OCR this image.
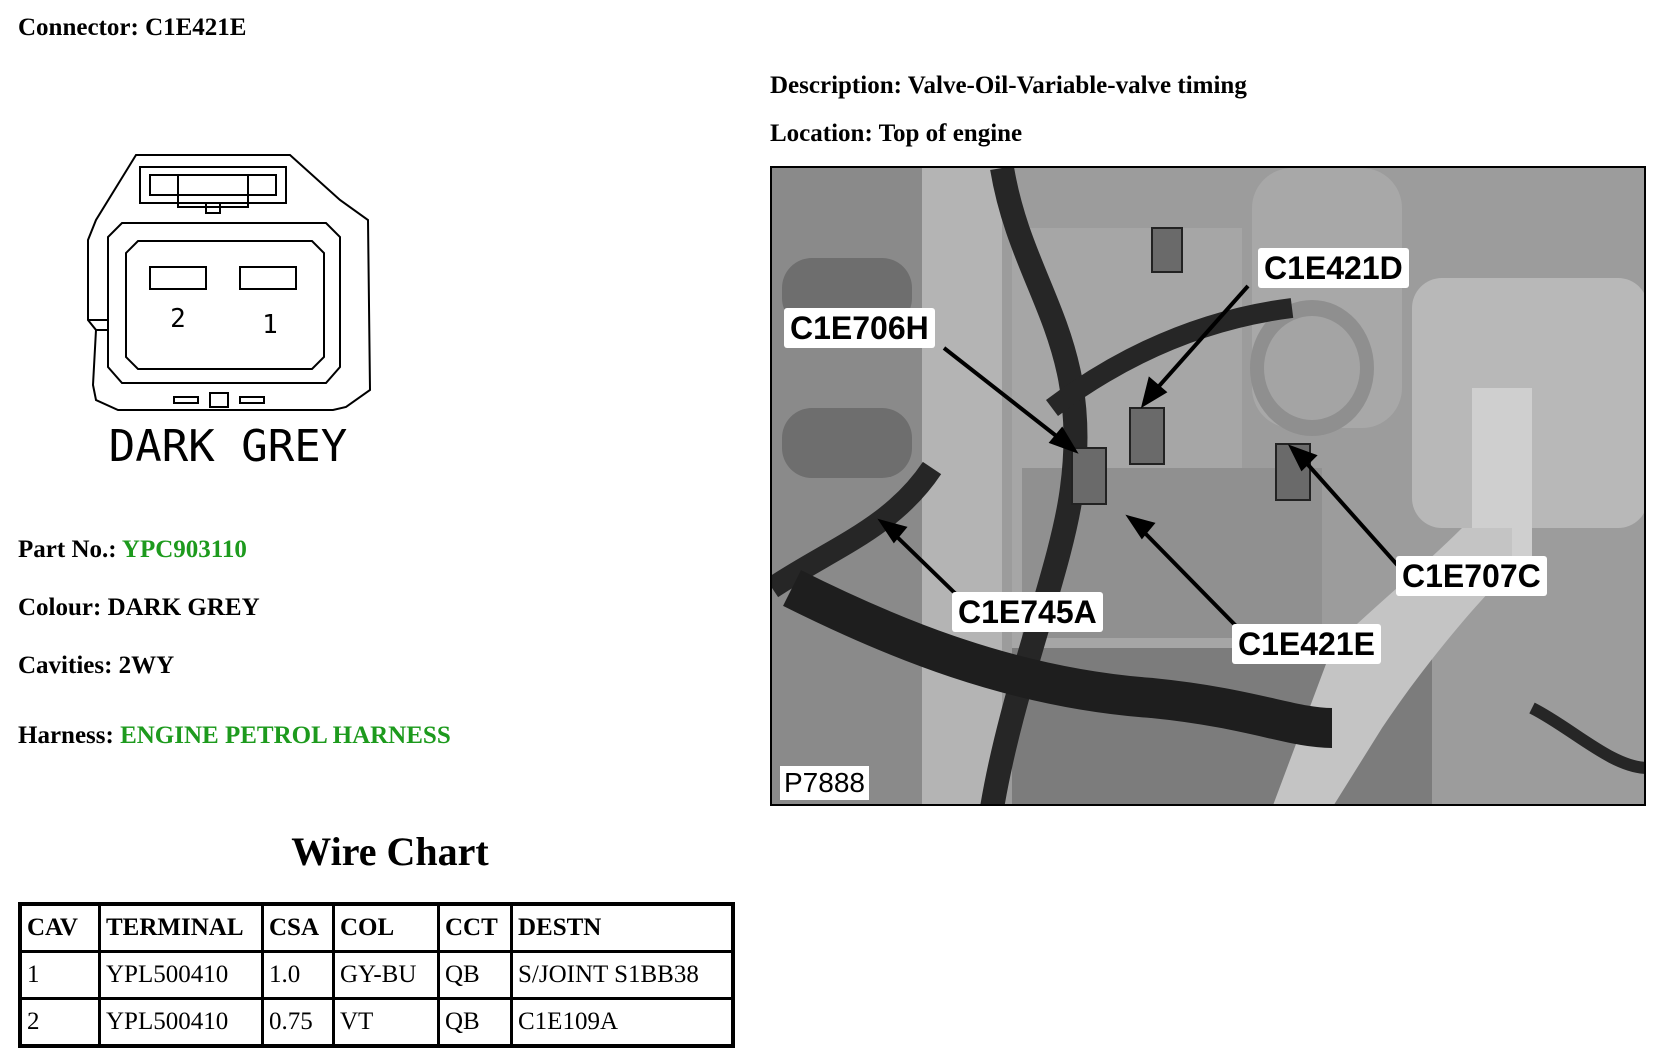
Connector: C1E421E
Description: Valve-Oil-Variable-valve timing
Location: Top of engine
2	1
DARK GREY
Part No.: YPC903110
Colour: DARK GREY
Cavities: 2WY
Harness: ENGINE PETROL HARNESS
Wire Chart
CAV	TERMINAL	CSA	COL	CCT	DESTN
1	YPL500410	1.0	GY-BU	QB	S/JOINT S1BB38
2	YPL500410	0.75	VT	QB	C1E109A
C1E421D
C1E706H
C1E707C
C1E745A
C1E421E
P7888
